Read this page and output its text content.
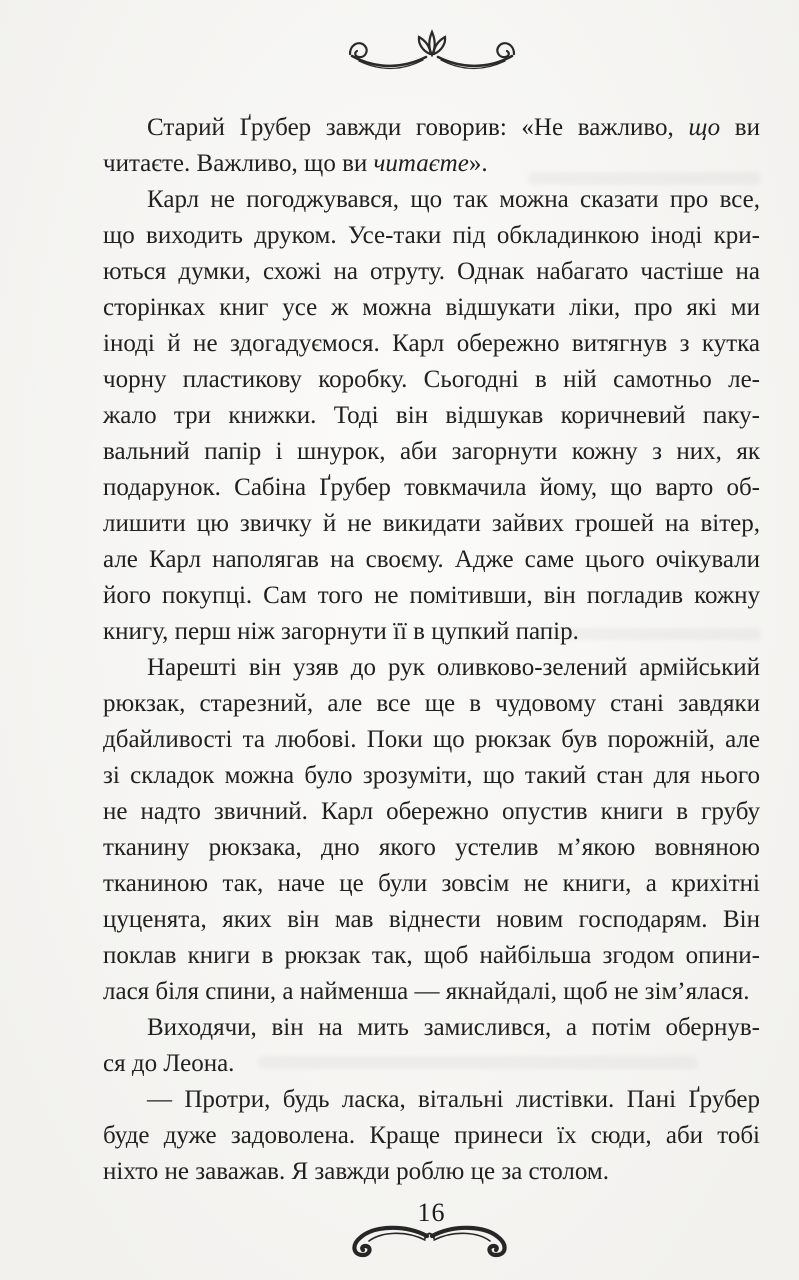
Старий Ґрубер завжди говорив: «Не важливо, що ви
читаєте. Важливо, що ви читаєте».
Карл не погоджувався, що так можна сказати про все,
що виходить друком. Усе-таки під обкладинкою іноді кри-
ються думки, схожі на отруту. Однак набагато частіше на
сторінках книг усе ж можна відшукати ліки, про які ми
іноді й не здогадуємося. Карл обережно витягнув з кутка
чорну пластикову коробку. Сьогодні в ній самотньо ле-
жало три книжки. Тоді він відшукав коричневий паку-
вальний папір і шнурок, аби загорнути кожну з них, як
подарунок. Сабіна Ґрубер товкмачила йому, що варто об-
лишити цю звичку й не викидати зайвих грошей на вітер,
але Карл наполягав на своєму. Адже саме цього очікували
його покупці. Сам того не помітивши, він погладив кожну
книгу, перш ніж загорнути її в цупкий папір.
Нарешті він узяв до рук оливково-зелений армійський
рюкзак, старезний, але все ще в чудовому стані завдяки
дбайливості та любові. Поки що рюкзак був порожній, але
зі складок можна було зрозуміти, що такий стан для нього
не надто звичний. Карл обережно опустив книги в грубу
тканину рюкзака, дно якого устелив м’якою вовняною
тканиною так, наче це були зовсім не книги, а крихітні
цуценята, яких він мав віднести новим господарям. Він
поклав книги в рюкзак так, щоб найбільша згодом опини-
лася біля спини, а найменша — якнайдалі, щоб не зім’ялася.
Виходячи, він на мить замислився, а потім обернув-
ся до Леона.
— Протри, будь ласка, вітальні листівки. Пані Ґрубер
буде дуже задоволена. Краще принеси їх сюди, аби тобі
ніхто не заважав. Я завжди роблю це за столом.
16
